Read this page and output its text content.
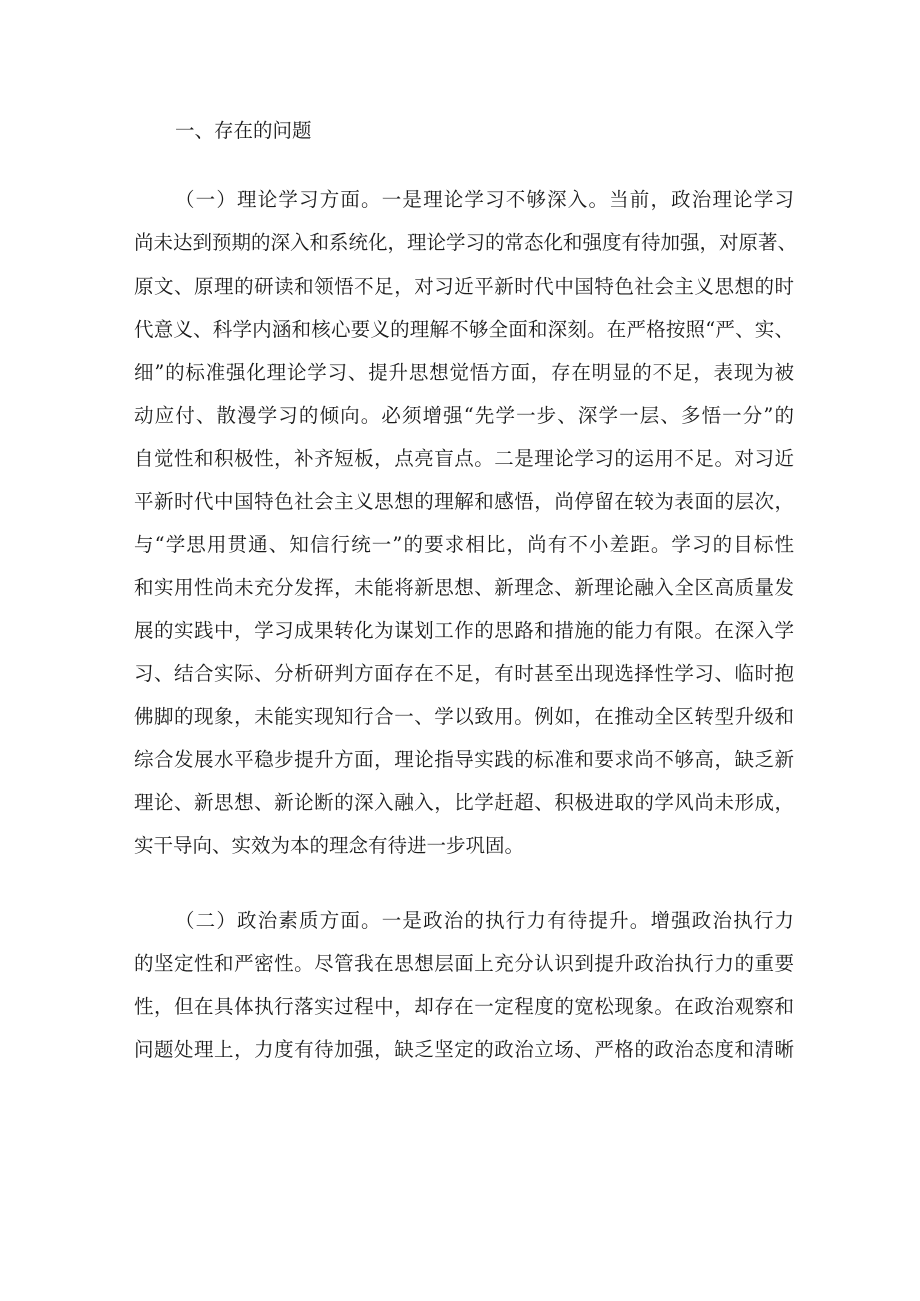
一、存在的问题
（一）理论学习方面。一是理论学习不够深入。当前，政治理论学习
尚未达到预期的深入和系统化，理论学习的常态化和强度有待加强，对原著、
原文、原理的研读和领悟不足，对习近平新时代中国特色社会主义思想的时
代意义、科学内涵和核心要义的理解不够全面和深刻。在严格按照“严、实、
细”的标准强化理论学习、提升思想觉悟方面，存在明显的不足，表现为被
动应付、散漫学习的倾向。必须增强“先学一步、深学一层、多悟一分”的
自觉性和积极性，补齐短板，点亮盲点。二是理论学习的运用不足。对习近
平新时代中国特色社会主义思想的理解和感悟，尚停留在较为表面的层次，
与“学思用贯通、知信行统一”的要求相比，尚有不小差距。学习的目标性
和实用性尚未充分发挥，未能将新思想、新理念、新理论融入全区高质量发
展的实践中，学习成果转化为谋划工作的思路和措施的能力有限。在深入学
习、结合实际、分析研判方面存在不足，有时甚至出现选择性学习、临时抱
佛脚的现象，未能实现知行合一、学以致用。例如，在推动全区转型升级和
综合发展水平稳步提升方面，理论指导实践的标准和要求尚不够高，缺乏新
理论、新思想、新论断的深入融入，比学赶超、积极进取的学风尚未形成，
实干导向、实效为本的理念有待进一步巩固。
（二）政治素质方面。一是政治的执行力有待提升。增强政治执行力
的坚定性和严密性。尽管我在思想层面上充分认识到提升政治执行力的重要
性，但在具体执行落实过程中，却存在一定程度的宽松现象。在政治观察和
问题处理上，力度有待加强，缺乏坚定的政治立场、严格的政治态度和清晰
